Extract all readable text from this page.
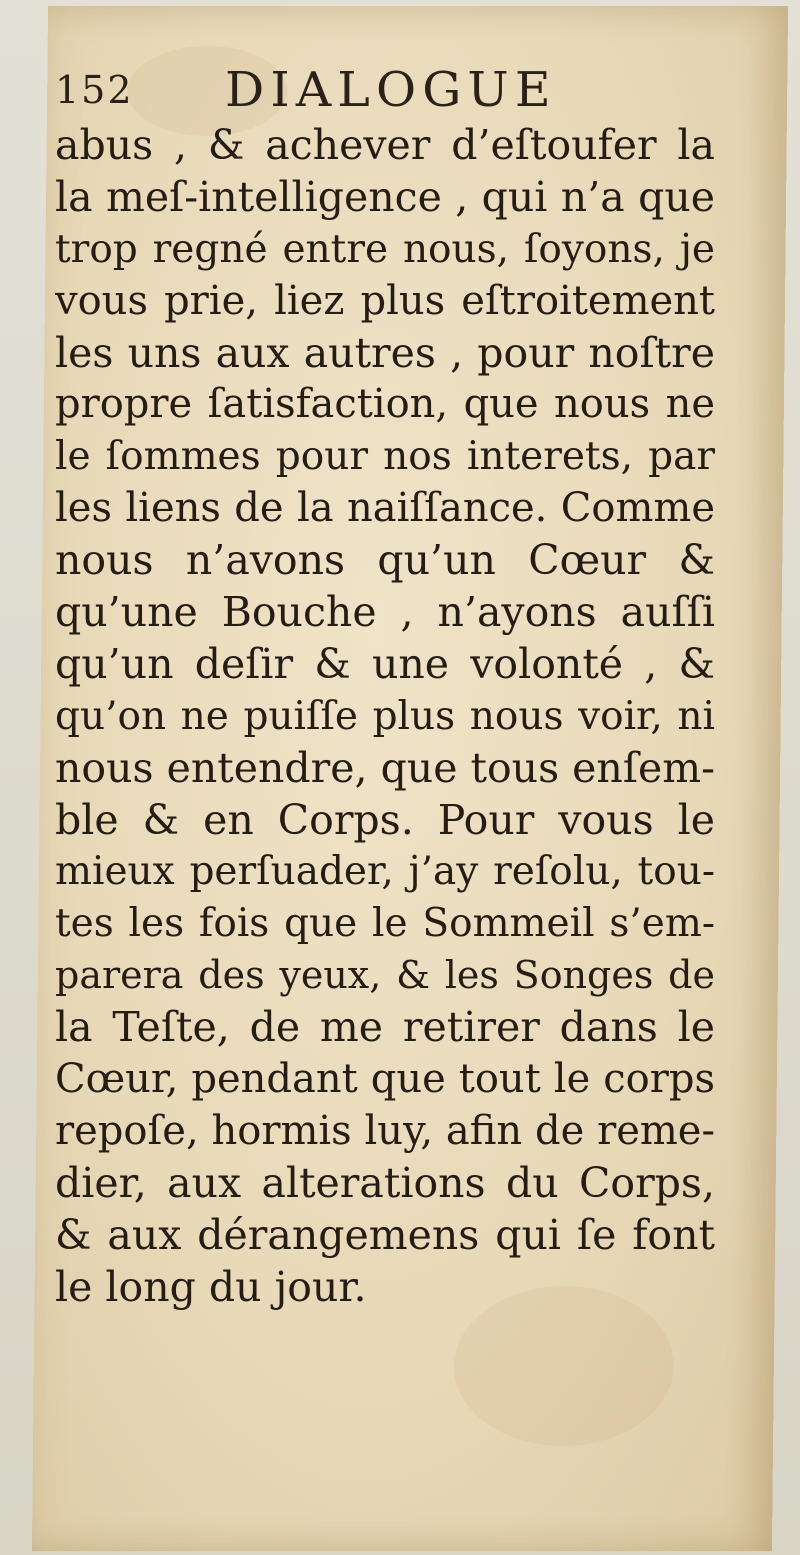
152 DIALOGUE
abus , & achever d’eſtoufer la
la meſ-intelligence , qui n’a que
trop regné entre nous, ſoyons, je
vous prie, liez plus eſtroitement
les uns aux autres , pour noſtre
propre ſatisfaction, que nous ne
le ſommes pour nos interets, par
les liens de la naiſſance. Comme
nous n’avons qu’un Cœur &
qu’une Bouche , n’ayons auſſi
qu’un deſir & une volonté , &
qu’on ne puiſſe plus nous voir, ni
nous entendre, que tous enſem-
ble & en Corps. Pour vous le
mieux perſuader, j’ay reſolu, tou-
tes les fois que le Sommeil s’em-
parera des yeux, & les Songes de
la Teſte, de me retirer dans le
Cœur, pendant que tout le corps
repoſe, hormis luy, afin de reme-
dier, aux alterations du Corps,
& aux dérangemens qui ſe font
le long du jour.
